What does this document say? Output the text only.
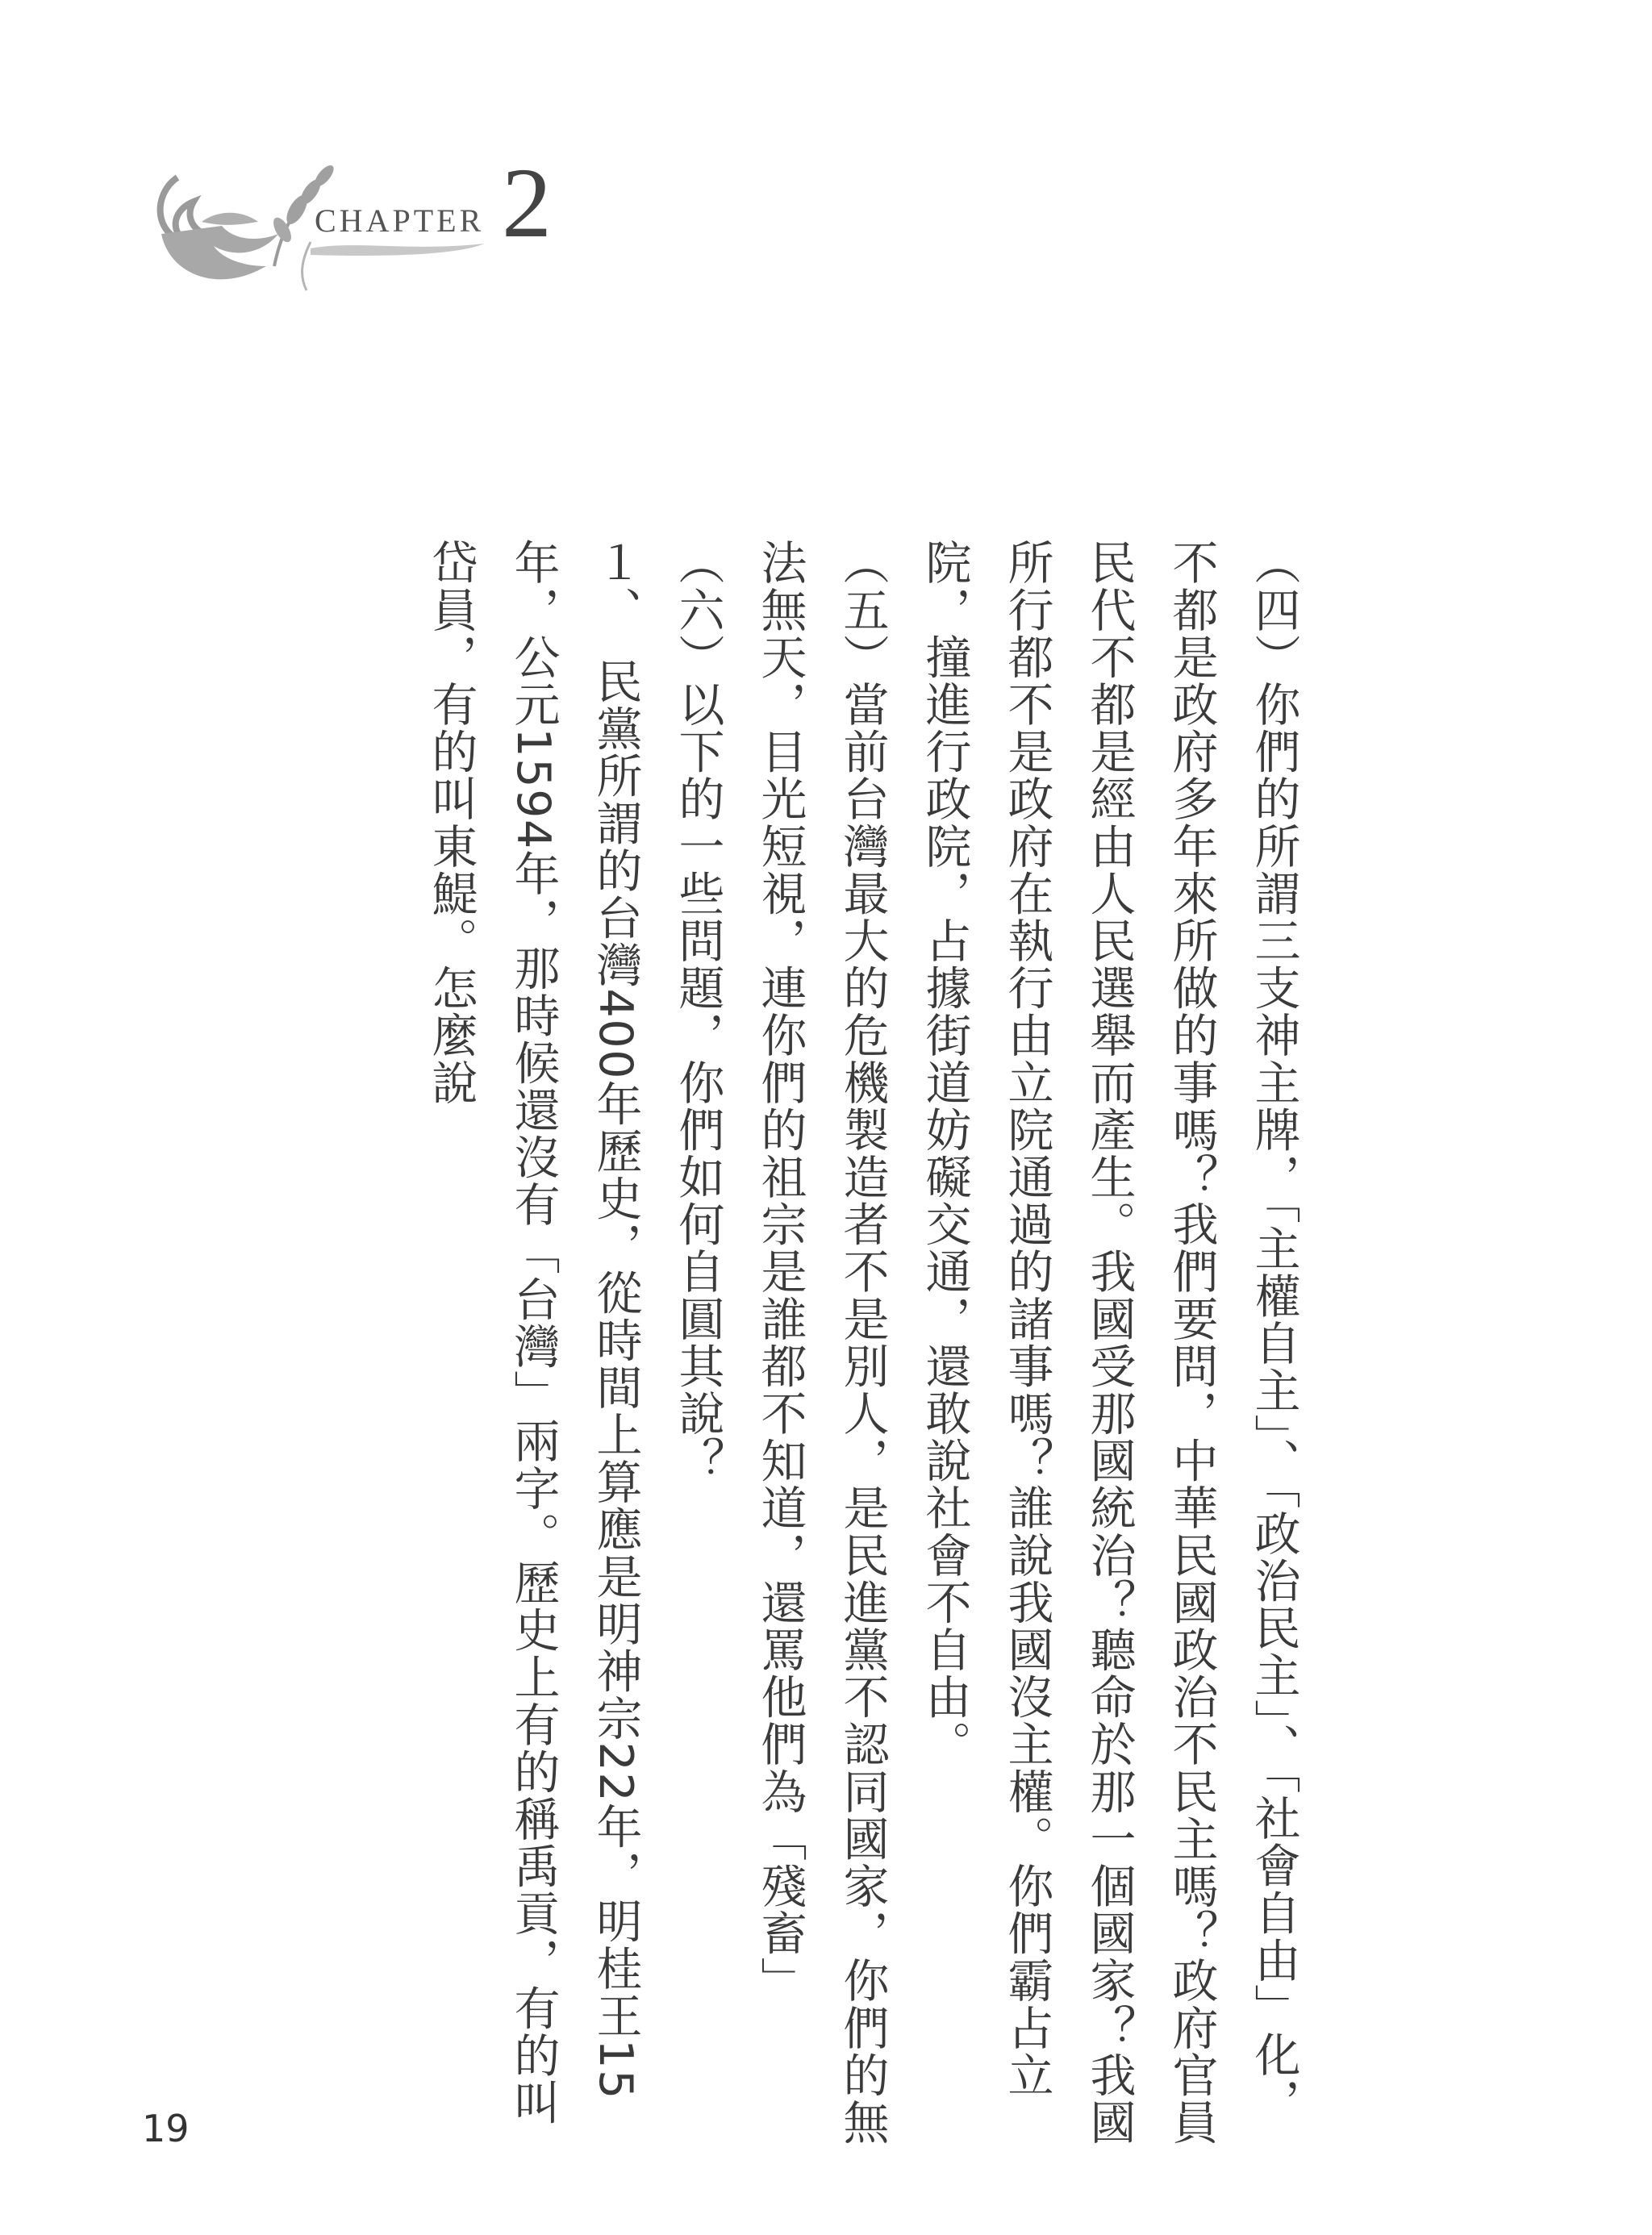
CHAPTER 2

（四）你們的所謂三支神主牌，「主權自主」、「政治民主」、「社會自由」化，不都是政府多年來所做的事嗎？我們要問，中華民國政治不民主嗎？政府官員民代不都是經由人民選舉而產生。我國受那國統治？聽命於那一個國家？我國所行都不是政府在執行由立院通過的諸事嗎？誰說我國沒主權。你們霸占立院，撞進行政院，占據街道妨礙交通，還敢說社會不自由。

（五）當前台灣最大的危機製造者不是別人，是民進黨不認同國家，你們的無法無天，目光短視，連你們的祖宗是誰都不知道，還罵他們為「殘畜」

（六）以下的一些問題，你們如何自圓其說？

１、　民黨所謂的台灣400年歷史，從時間上算應是明神宗22年，明桂王15年，公元1594年，那時候還沒有「台灣」兩字。歷史上有的稱禹貢，有的叫岱員，有的叫東鯷。怎麼說

19
